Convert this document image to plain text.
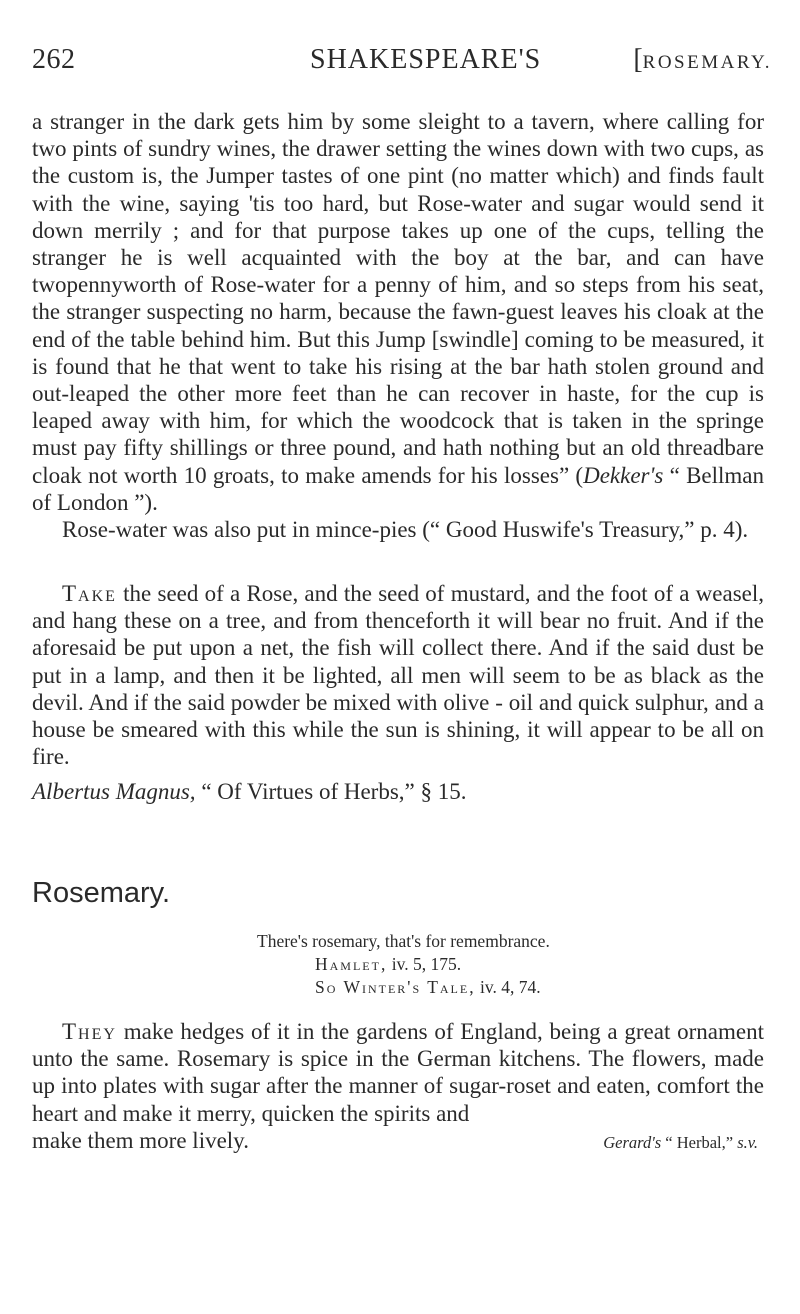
262	SHAKESPEARE'S	[ROSEMARY.

a stranger in the dark gets him by some sleight to a tavern, where calling for two pints of sundry wines, the drawer setting the wines down with two cups, as the custom is, the Jumper tastes of one pint (no matter which) and finds fault with the wine, saying 'tis too hard, but Rose-water and sugar would send it down merrily ; and for that purpose takes up one of the cups, telling the stranger he is well acquainted with the boy at the bar, and can have twopennyworth of Rose-water for a penny of him, and so steps from his seat, the stranger suspecting no harm, because the fawn-guest leaves his cloak at the end of the table behind him. But this Jump [swindle] coming to be measured, it is found that he that went to take his rising at the bar hath stolen ground and out-leaped the other more feet than he can recover in haste, for the cup is leaped away with him, for which the woodcock that is taken in the springe must pay fifty shillings or three pound, and hath nothing but an old threadbare cloak not worth 10 groats, to make amends for his losses” (Dekker's “ Bellman of London ”).

Rose-water was also put in mince-pies (“ Good Huswife's Treasury,” p. 4).

Take the seed of a Rose, and the seed of mustard, and the foot of a weasel, and hang these on a tree, and from thenceforth it will bear no fruit. And if the aforesaid be put upon a net, the fish will collect there. And if the said dust be put in a lamp, and then it be lighted, all men will seem to be as black as the devil. And if the said powder be mixed with olive - oil and quick sulphur, and a house be smeared with this while the sun is shining, it will appear to be all on fire.

Albertus Magnus, “ Of Virtues of Herbs,” § 15.

Rosemary.
There's rosemary, that's for remembrance.
Hamlet, iv. 5, 175.
So Winter's Tale, iv. 4, 74.

They make hedges of it in the gardens of England, being a great ornament unto the same. Rosemary is spice in the German kitchens. The flowers, made up into plates with sugar after the manner of sugar-roset and eaten, comfort the heart and make it merry, quicken the spirits and

make them more lively.	Gerard's “ Herbal,” s.v.
